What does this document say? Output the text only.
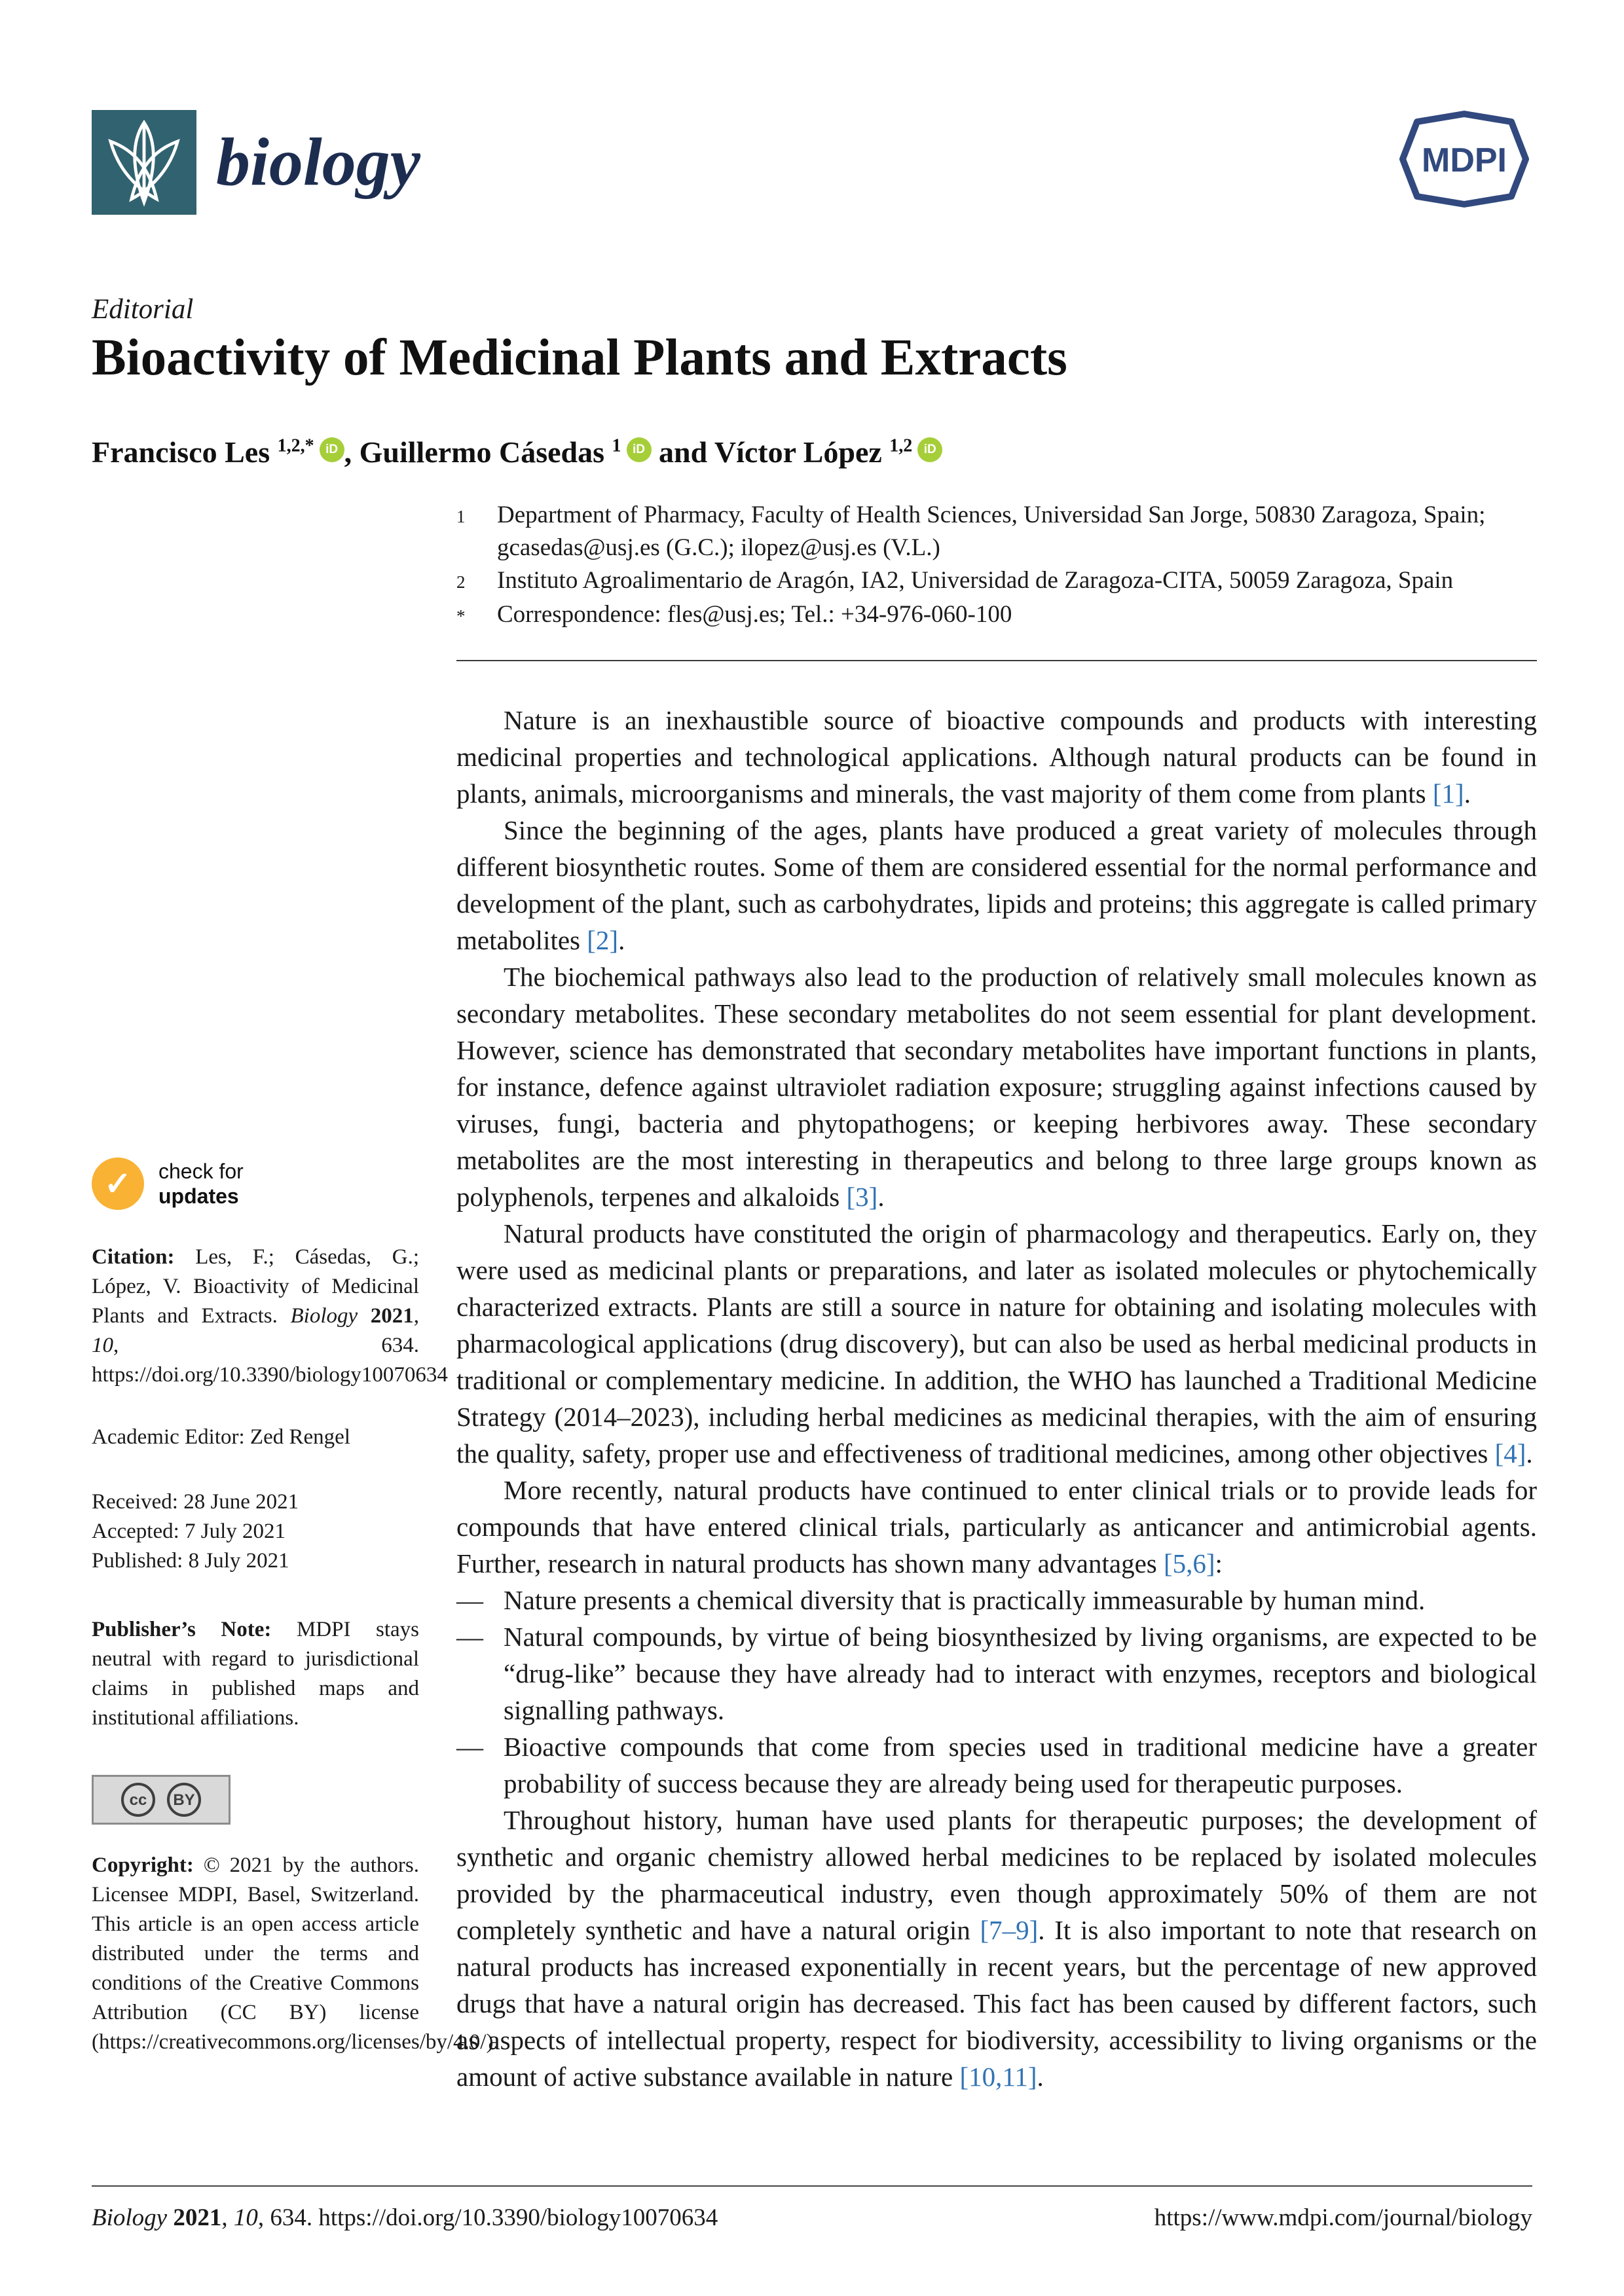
biology	MDPI
Editorial
Bioactivity of Medicinal Plants and Extracts
Francisco Les $^{1,2,*}$ iD , Guillermo Cásedas $^1$ iD and Víctor López $^{1,2}$ iD
1	Department of Pharmacy, Faculty of Health Sciences, Universidad San Jorge, 50830 Zaragoza, Spain; gcasedas@usj.es (G.C.); ilopez@usj.es (V.L.)
2	Instituto Agroalimentario de Aragón, IA2, Universidad de Zaragoza-CITA, 50059 Zaragoza, Spain
*	Correspondence: fles@usj.es; Tel.: +34-976-060-100
✓	check for
updates
Citation: Les, F.; Cásedas, G.; López, V. Bioactivity of Medicinal Plants and Extracts. Biology 2021, 10, 634. https://doi.org/10.3390/biology10070634
Academic Editor: Zed Rengel
Received: 28 June 2021
Accepted: 7 July 2021
Published: 8 July 2021
Publisher’s Note: MDPI stays neutral with regard to jurisdictional claims in published maps and institutional affiliations.
cc	BY
Copyright: © 2021 by the authors. Licensee MDPI, Basel, Switzerland. This article is an open access article distributed under the terms and conditions of the Creative Commons Attribution (CC BY) license (https://creativecommons.org/licenses/by/4.0/).

Nature is an inexhaustible source of bioactive compounds and products with interesting medicinal properties and technological applications. Although natural products can be found in plants, animals, microorganisms and minerals, the vast majority of them come from plants [1].

Since the beginning of the ages, plants have produced a great variety of molecules through different biosynthetic routes. Some of them are considered essential for the normal performance and development of the plant, such as carbohydrates, lipids and proteins; this aggregate is called primary metabolites [2].

The biochemical pathways also lead to the production of relatively small molecules known as secondary metabolites. These secondary metabolites do not seem essential for plant development. However, science has demonstrated that secondary metabolites have important functions in plants, for instance, defence against ultraviolet radiation exposure; struggling against infections caused by viruses, fungi, bacteria and phytopathogens; or keeping herbivores away. These secondary metabolites are the most interesting in therapeutics and belong to three large groups known as polyphenols, terpenes and alkaloids [3].

Natural products have constituted the origin of pharmacology and therapeutics. Early on, they were used as medicinal plants or preparations, and later as isolated molecules or phytochemically characterized extracts. Plants are still a source in nature for obtaining and isolating molecules with pharmacological applications (drug discovery), but can also be used as herbal medicinal products in traditional or complementary medicine. In addition, the WHO has launched a Traditional Medicine Strategy (2014–2023), including herbal medicines as medicinal therapies, with the aim of ensuring the quality, safety, proper use and effectiveness of traditional medicines, among other objectives [4].

More recently, natural products have continued to enter clinical trials or to provide leads for compounds that have entered clinical trials, particularly as anticancer and antimicrobial agents. Further, research in natural products has shown many advantages [5,6]:

— Nature presents a chemical diversity that is practically immeasurable by human mind.
— Natural compounds, by virtue of being biosynthesized by living organisms, are expected to be “drug-like” because they have already had to interact with enzymes, receptors and biological signalling pathways.
— Bioactive compounds that come from species used in traditional medicine have a greater probability of success because they are already being used for therapeutic purposes.

Throughout history, human have used plants for therapeutic purposes; the development of synthetic and organic chemistry allowed herbal medicines to be replaced by isolated molecules provided by the pharmaceutical industry, even though approximately 50% of them are not completely synthetic and have a natural origin [7–9]. It is also important to note that research on natural products has increased exponentially in recent years, but the percentage of new approved drugs that have a natural origin has decreased. This fact has been caused by different factors, such as aspects of intellectual property, respect for biodiversity, accessibility to living organisms or the amount of active substance available in nature [10,11].

Biology 2021, 10, 634. https://doi.org/10.3390/biology10070634	https://www.mdpi.com/journal/biology
